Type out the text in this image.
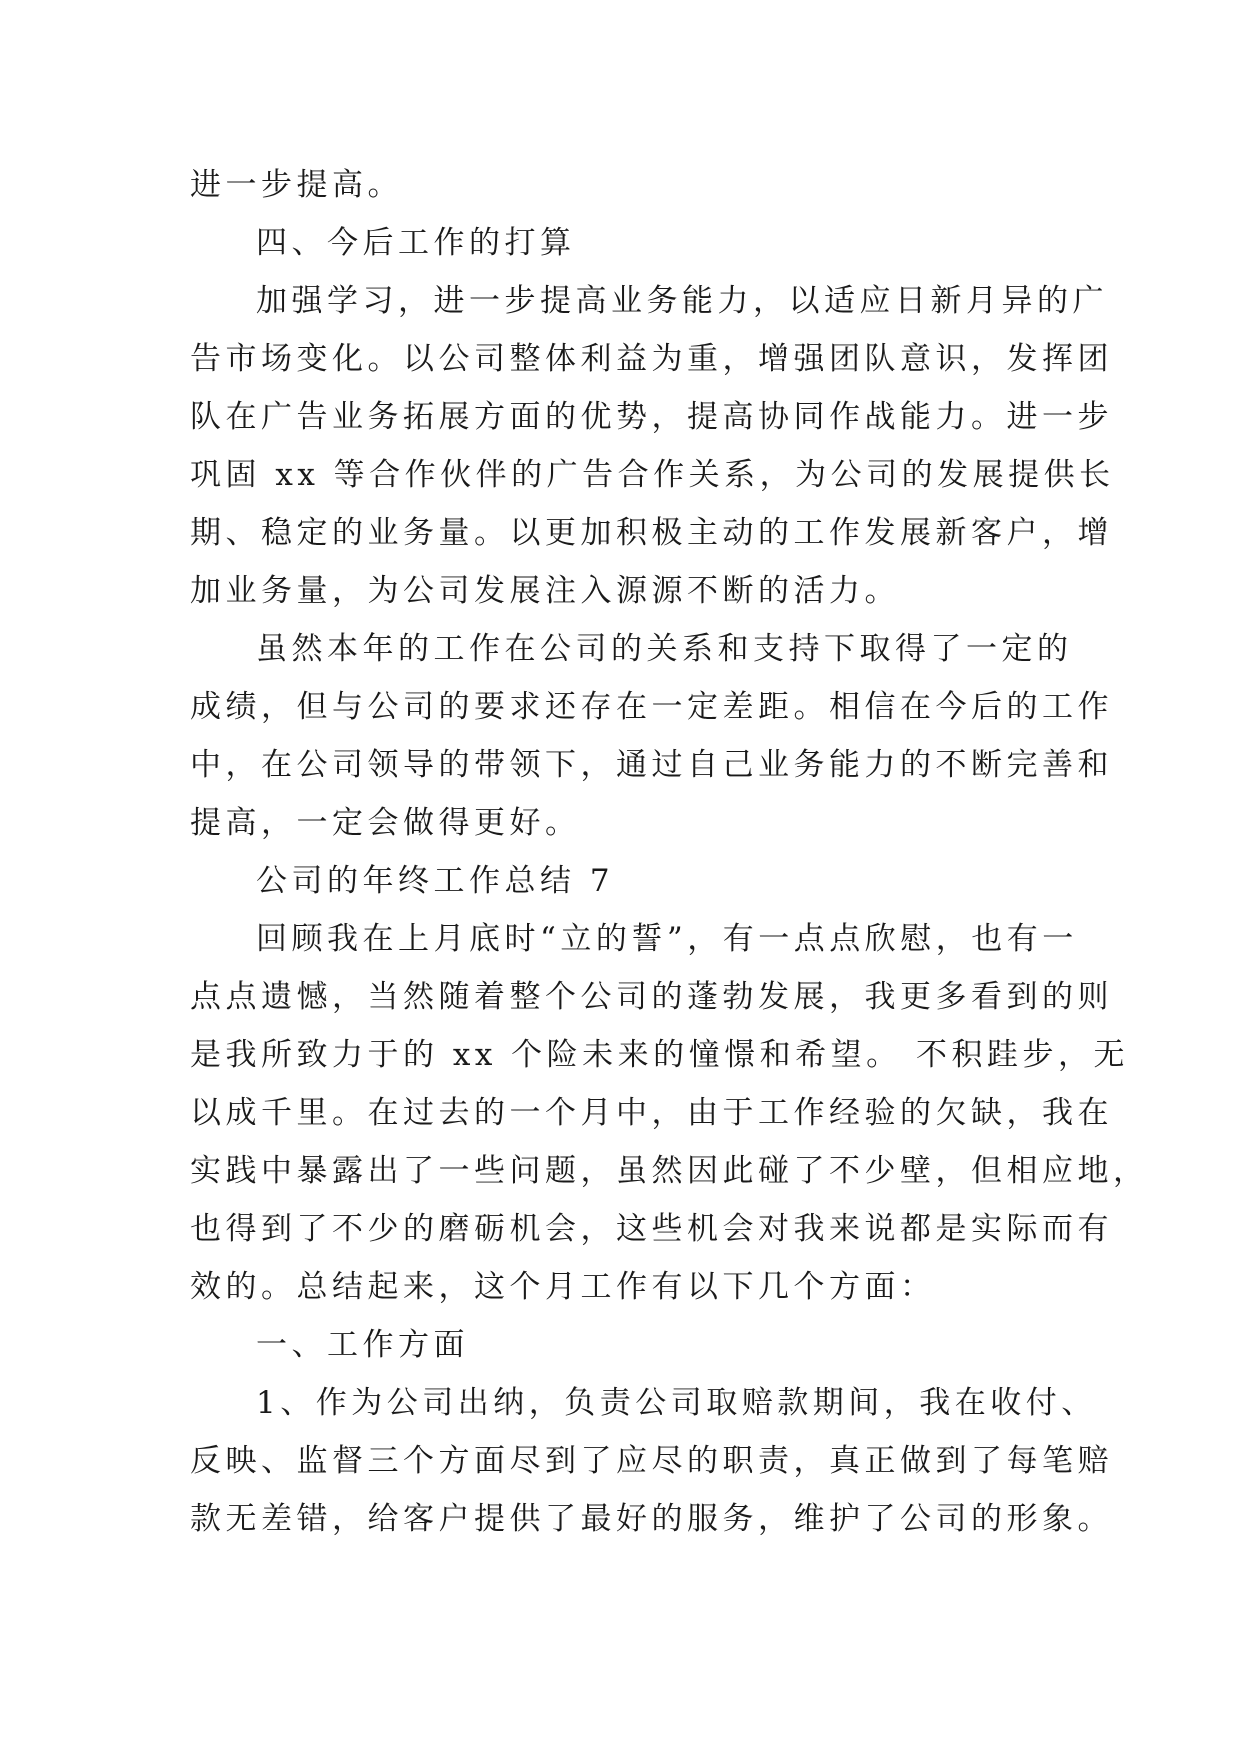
进一步提高。

四、今后工作的打算

加强学习，进一步提高业务能力，以适应日新月异的广

告市场变化。以公司整体利益为重，增强团队意识，发挥团

队在广告业务拓展方面的优势，提高协同作战能力。进一步

巩固 xx 等合作伙伴的广告合作关系，为公司的发展提供长

期、稳定的业务量。以更加积极主动的工作发展新客户，增

加业务量，为公司发展注入源源不断的活力。

虽然本年的工作在公司的关系和支持下取得了一定的

成绩，但与公司的要求还存在一定差距。相信在今后的工作

中，在公司领导的带领下，通过自己业务能力的不断完善和

提高，一定会做得更好。

公司的年终工作总结 7

回顾我在上月底时“立的誓”，有一点点欣慰，也有一

点点遗憾，当然随着整个公司的蓬勃发展，我更多看到的则

是我所致力于的 xx 个险未来的憧憬和希望。 不积跬步，无

以成千里。在过去的一个月中，由于工作经验的欠缺，我在

实践中暴露出了一些问题，虽然因此碰了不少壁，但相应地，

也得到了不少的磨砺机会，这些机会对我来说都是实际而有

效的。总结起来，这个月工作有以下几个方面：

一、工作方面

1、作为公司出纳，负责公司取赔款期间，我在收付、

反映、监督三个方面尽到了应尽的职责，真正做到了每笔赔

款无差错，给客户提供了最好的服务，维护了公司的形象。
